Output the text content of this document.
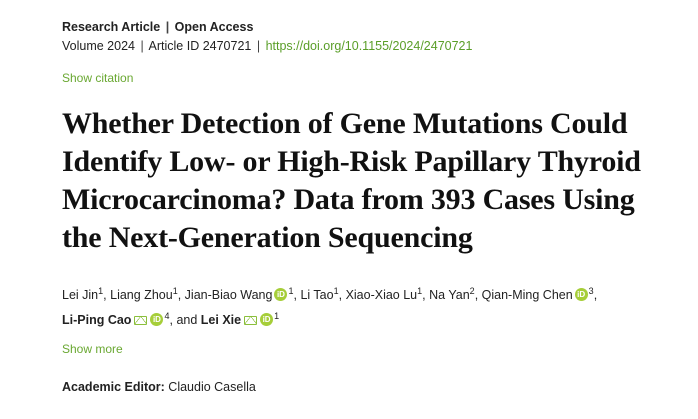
Research Article | Open Access
Volume 2024 | Article ID 2470721 | https://doi.org/10.1155/2024/2470721
Show citation
Whether Detection of Gene Mutations Could Identify Low- or High-Risk Papillary Thyroid Microcarcinoma? Data from 393 Cases Using the Next-Generation Sequencing
Lei Jin$^1$, Liang Zhou$^1$, Jian-Biao Wang iD $^1$, Li Tao$^1$, Xiao-Xiao Lu$^1$, Na Yan$^2$, Qian-Ming Chen iD $^3$, Li-Ping Cao iD	$^4$, and Lei Xie iD	$^1$
Show more
Academic Editor: Claudio Casella
